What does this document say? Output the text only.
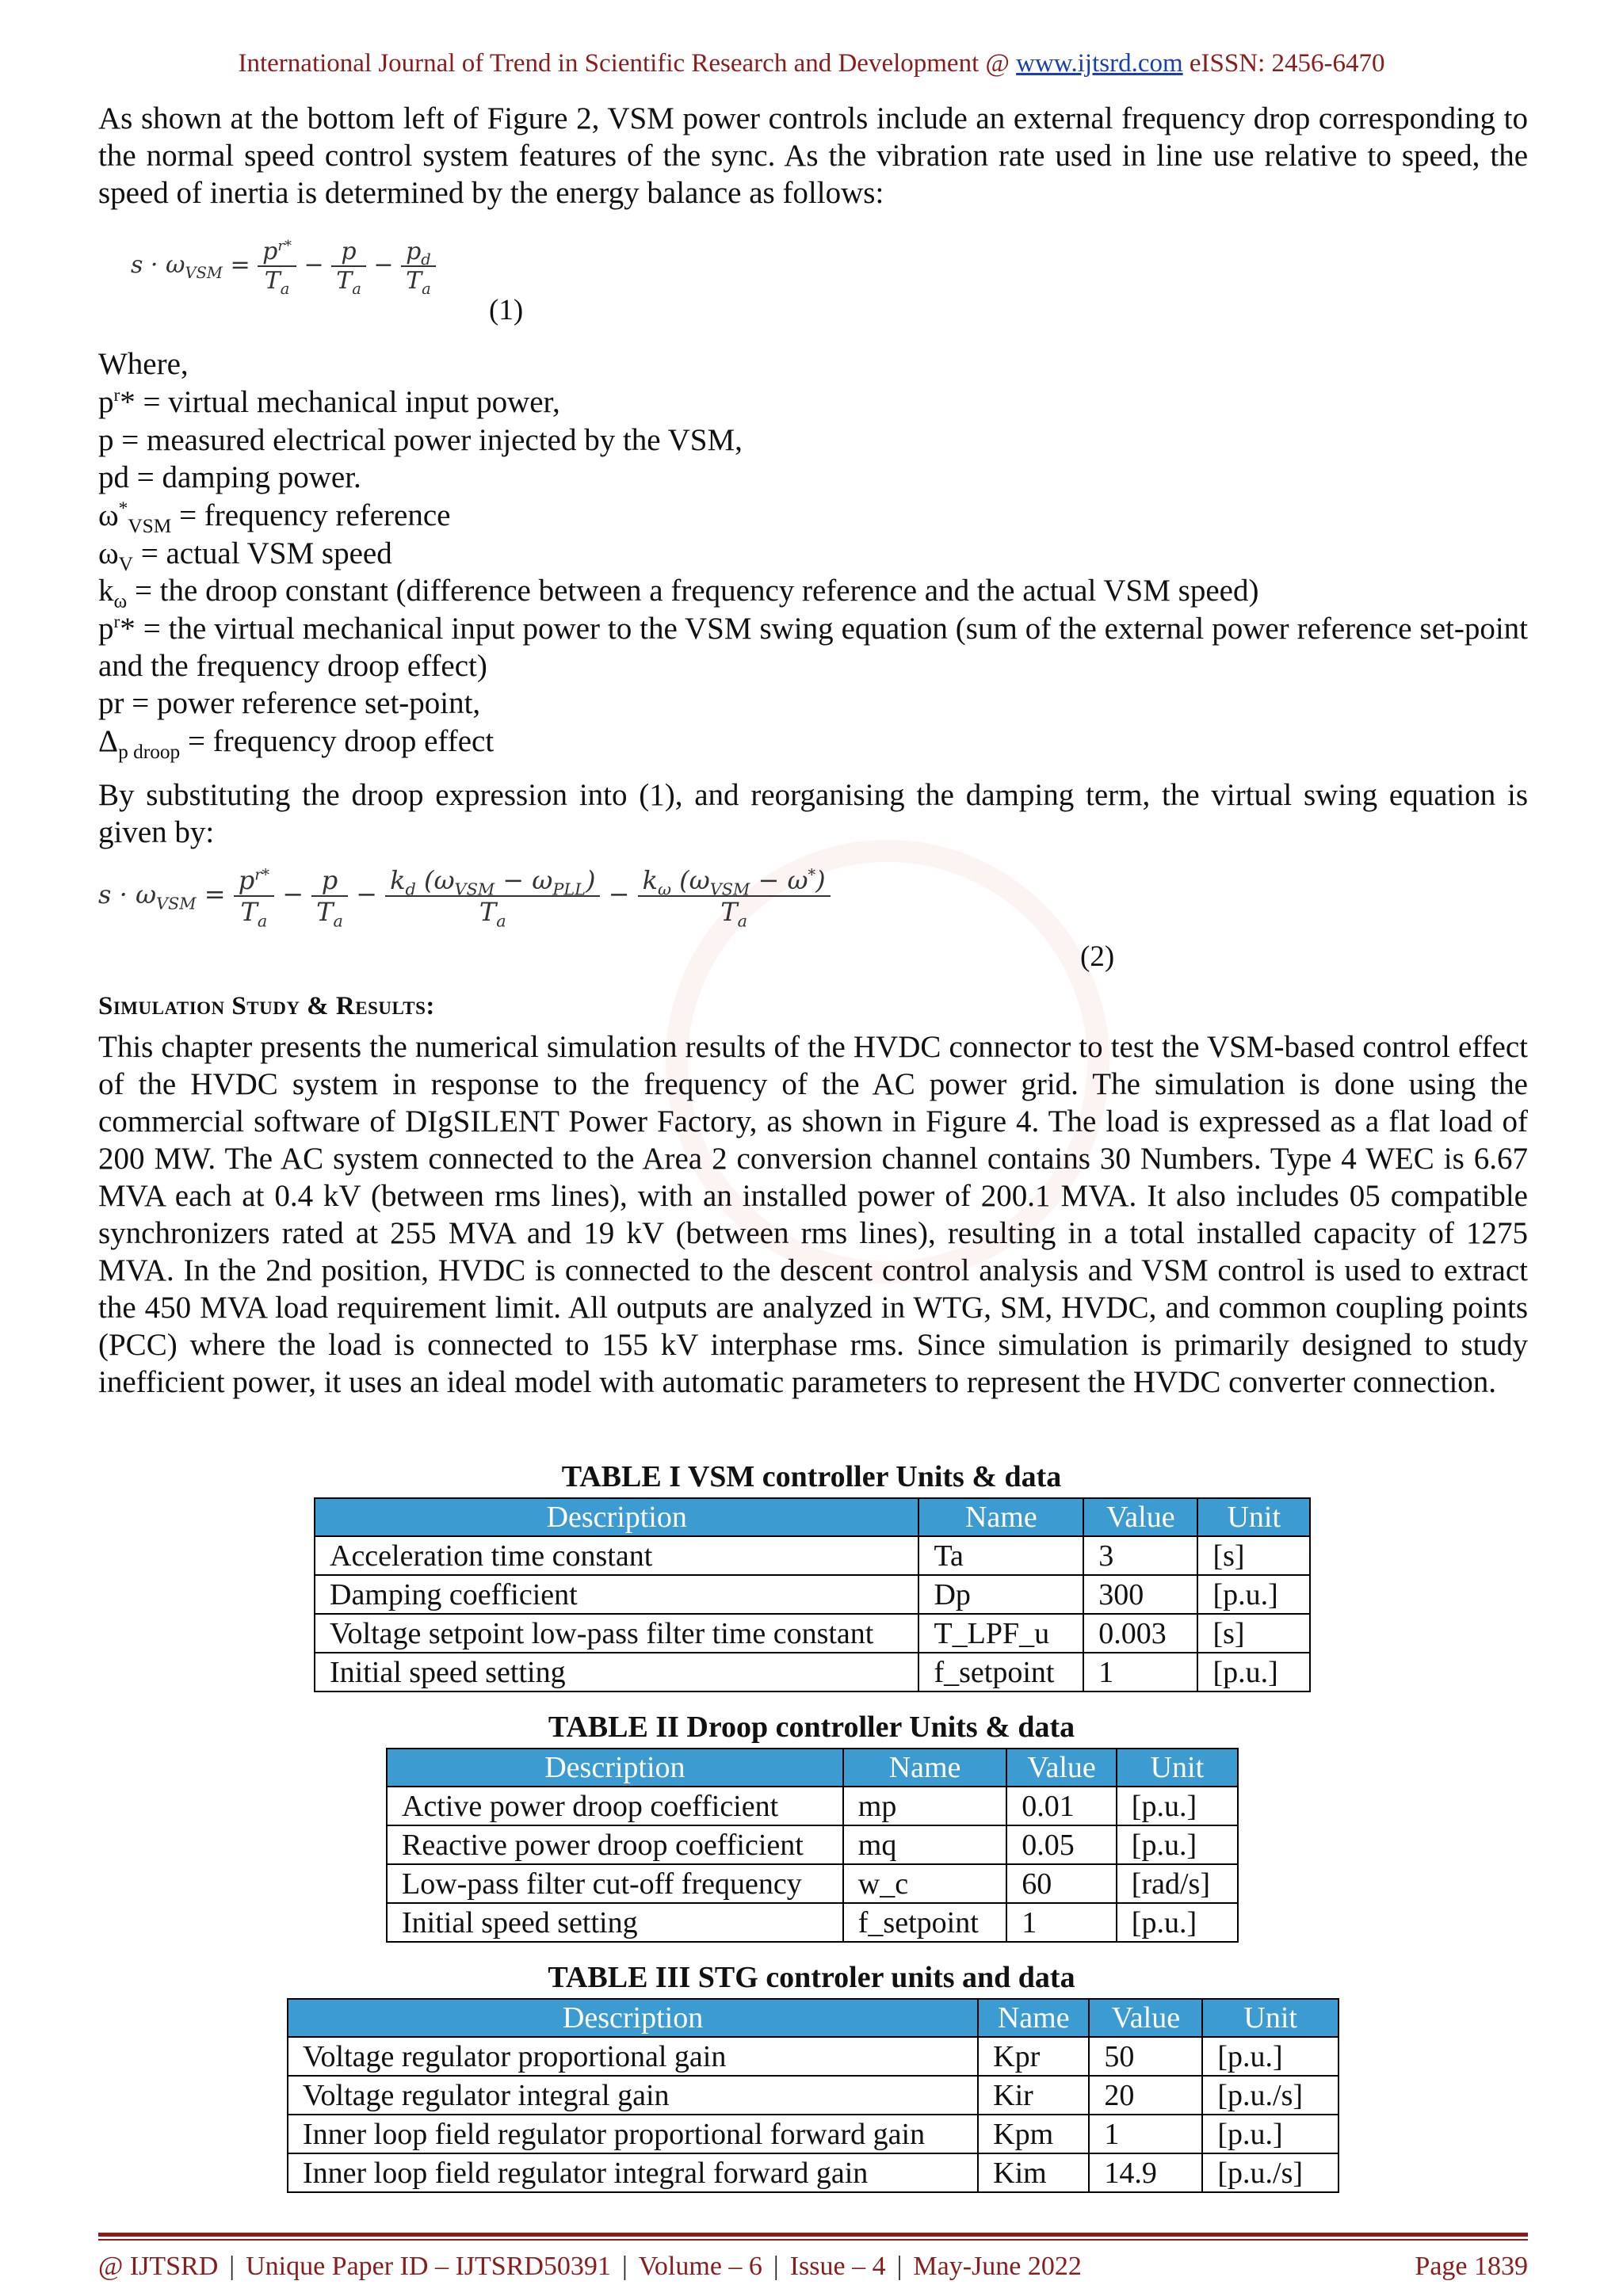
International Journal of Trend in Scientific Research and Development @ www.ijtsrd.com eISSN: 2456-6470
As shown at the bottom left of Figure 2, VSM power controls include an external frequency drop corresponding to the normal speed control system features of the sync. As the vibration rate used in line use relative to speed, the speed of inertia is determined by the energy balance as follows:
$s \cdot \omega_{VSM} = \frac{p^{r*}}{T_a} - \frac{p}{T_a} - \frac{p_d}{T_a}$
(1)
Where,
$p^r*$ = virtual mechanical input power,
p = measured electrical power injected by the VSM,
pd = damping power.
$\omega^*_{VSM}$ = frequency reference
$\omega_V$ = actual VSM speed
$k_\omega$ = the droop constant (difference between a frequency reference and the actual VSM speed)
$p^r*$ = the virtual mechanical input power to the VSM swing equation (sum of the external power reference set-point and the frequency droop effect)
pr = power reference set-point,
$\Delta_{p droop}$ = frequency droop effect
By substituting the droop expression into (1), and reorganising the damping term, the virtual swing equation is given by:
$s \cdot \omega_{VSM} = \frac{p^{r*}}{T_a} - \frac{p}{T_a} - \frac{k_d (\omega_{VSM} - \omega_{PLL})}{T_a} - \frac{k_\omega (\omega_{VSM} - \omega^*)}{T_a}$
(2)
Simulation Study & Results:
This chapter presents the numerical simulation results of the HVDC connector to test the VSM-based control effect of the HVDC system in response to the frequency of the AC power grid. The simulation is done using the commercial software of DIgSILENT Power Factory, as shown in Figure 4. The load is expressed as a flat load of 200 MW. The AC system connected to the Area 2 conversion channel contains 30 Numbers. Type 4 WEC is 6.67 MVA each at 0.4 kV (between rms lines), with an installed power of 200.1 MVA. It also includes 05 compatible synchronizers rated at 255 MVA and 19 kV (between rms lines), resulting in a total installed capacity of 1275 MVA. In the 2nd position, HVDC is connected to the descent control analysis and VSM control is used to extract the 450 MVA load requirement limit. All outputs are analyzed in WTG, SM, HVDC, and common coupling points (PCC) where the load is connected to 155 kV interphase rms. Since simulation is primarily designed to study inefficient power, it uses an ideal model with automatic parameters to represent the HVDC converter connection.
TABLE I VSM controller Units & data
Description	Name	Value	Unit
Acceleration time constant	Ta	3	[s]
Damping coefficient	Dp	300	[p.u.]
Voltage setpoint low-pass filter time constant	T_LPF_u	0.003	[s]
Initial speed setting	f_setpoint	1	[p.u.]
TABLE II Droop controller Units & data
Description	Name	Value	Unit
Active power droop coefficient	mp	0.01	[p.u.]
Reactive power droop coefficient	mq	0.05	[p.u.]
Low-pass filter cut-off frequency	w_c	60	[rad/s]
Initial speed setting	f_setpoint	1	[p.u.]
TABLE III STG controler units and data
Description	Name	Value	Unit
Voltage regulator proportional gain	Kpr	50	[p.u.]
Voltage regulator integral gain	Kir	20	[p.u./s]
Inner loop field regulator proportional forward gain	Kpm	1	[p.u.]
Inner loop field regulator integral forward gain	Kim	14.9	[p.u./s]
@ IJTSRD | Unique Paper ID – IJTSRD50391 | Volume – 6 | Issue – 4 | May-June 2022	Page 1839
